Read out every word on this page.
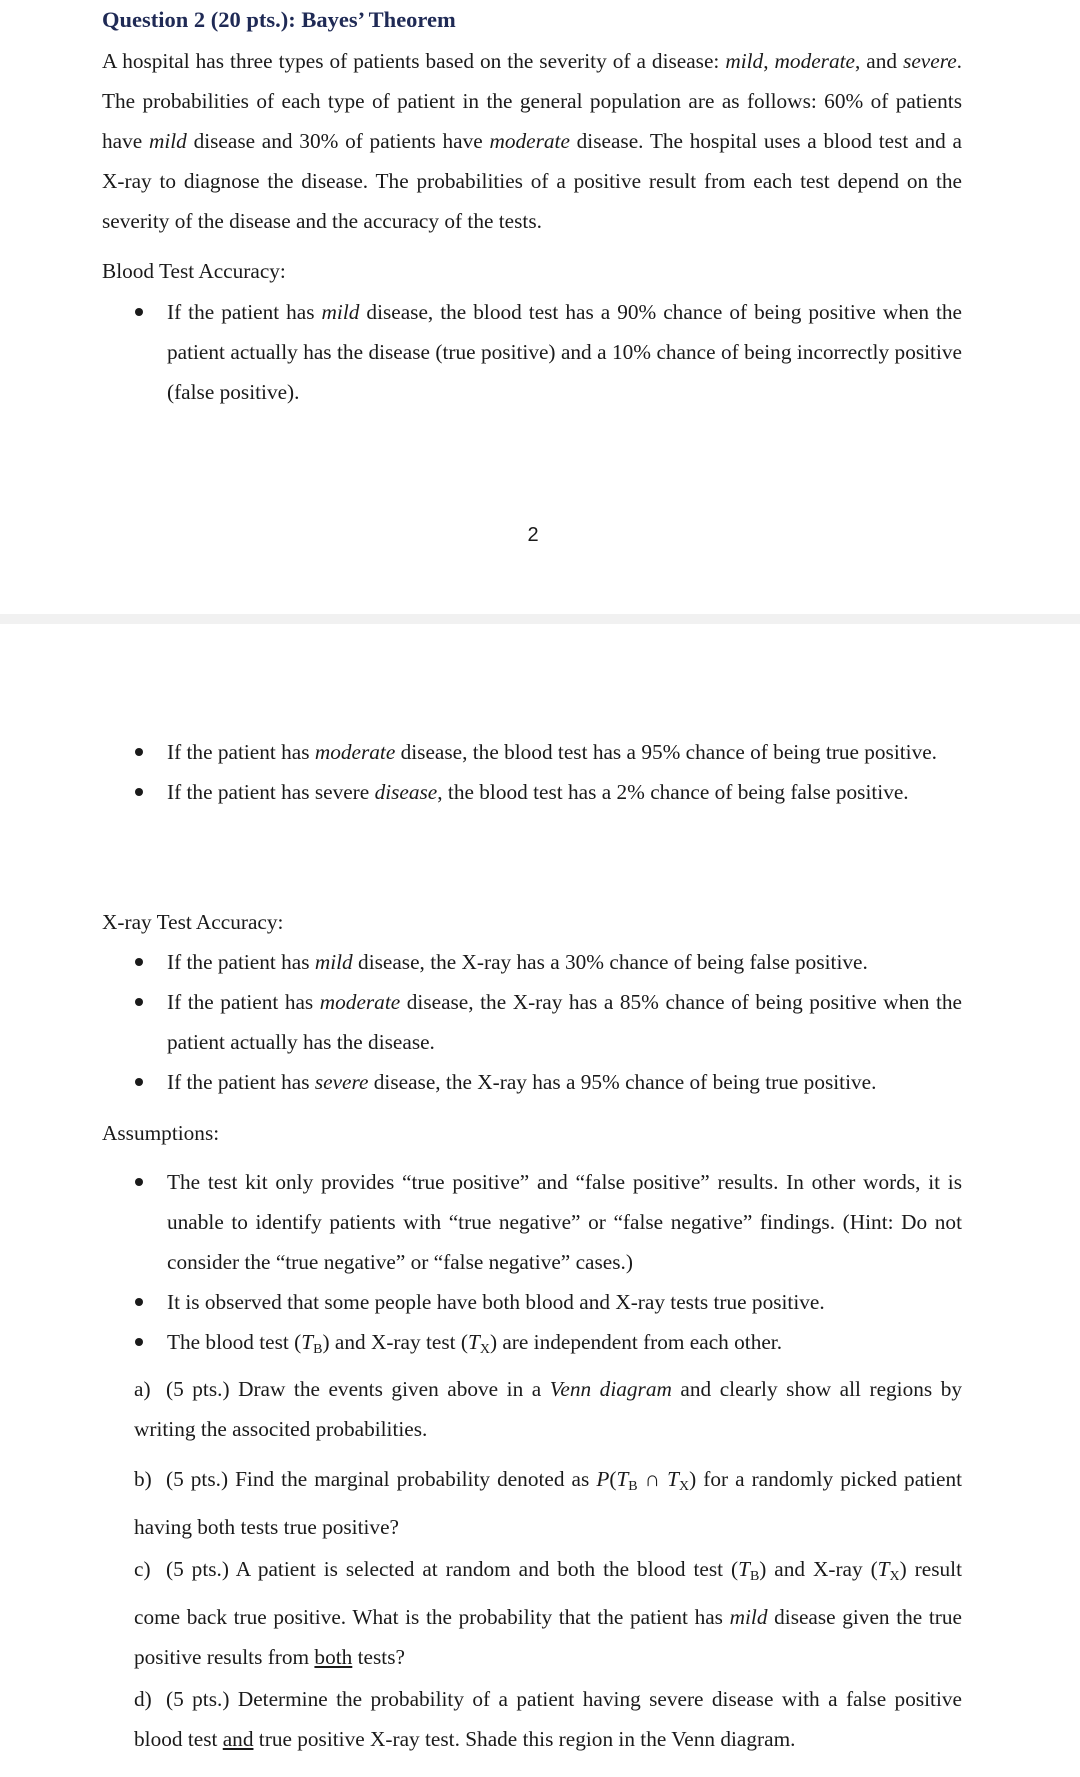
Question 2 (20 pts.): Bayes’ Theorem

A hospital has three types of patients based on the severity of a disease: mild, moderate, and severe. The probabilities of each type of patient in the general population are as follows: 60% of patients have mild disease and 30% of patients have moderate disease. The hospital uses a blood test and a X-ray to diagnose the disease. The probabilities of a positive result from each test depend on the severity of the disease and the accuracy of the tests.

Blood Test Accuracy:

If the patient has mild disease, the blood test has a 90% chance of being positive when the patient actually has the disease (true positive) and a 10% chance of being incorrectly positive (false positive).
2
If the patient has moderate disease, the blood test has a 95% chance of being true positive.
If the patient has severe disease, the blood test has a 2% chance of being false positive.

X-ray Test Accuracy:

If the patient has mild disease, the X-ray has a 30% chance of being false positive.
If the patient has moderate disease, the X-ray has a 85% chance of being positive when the patient actually has the disease.
If the patient has severe disease, the X-ray has a 95% chance of being true positive.

Assumptions:

The test kit only provides “true positive” and “false positive” results. In other words, it is unable to identify patients with “true negative” or “false negative” findings. (Hint: Do not consider the “true negative” or “false negative” cases.)
It is observed that some people have both blood and X-ray tests true positive.
The blood test $(T_B)$ and X-ray test $(T_X)$ are independent from each other.

a) (5 pts.) Draw the events given above in a Venn diagram and clearly show all regions by writing the associted probabilities.

b) (5 pts.) Find the marginal probability denoted as $P(T_B$ ∩ $T_X$) for a randomly picked patient having both tests true positive?

c) (5 pts.) A patient is selected at random and both the blood test $(T_B)$ and X-ray $(T_X)$ result come back true positive. What is the probability that the patient has mild disease given the true positive results from both tests?

d) (5 pts.) Determine the probability of a patient having severe disease with a false positive blood test and true positive X-ray test. Shade this region in the Venn diagram.
